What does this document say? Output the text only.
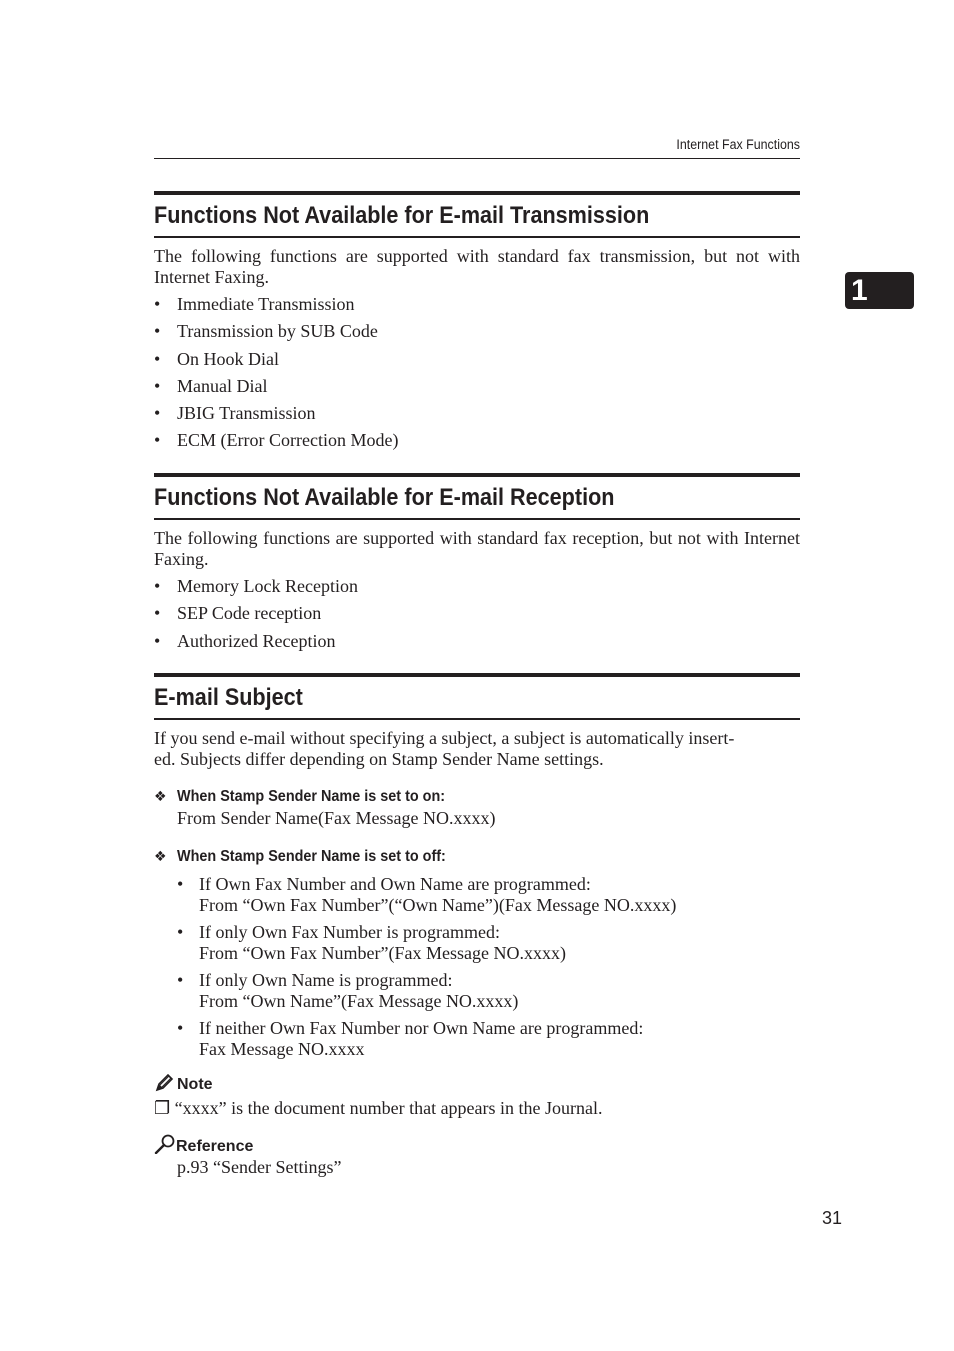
Internet Fax Functions
1
Functions Not Available for E-mail Transmission
The following functions are supported with standard fax transmission, but not with Internet Faxing.
• Immediate Transmission
• Transmission by SUB Code
• On Hook Dial
• Manual Dial
• JBIG Transmission
• ECM (Error Correction Mode)
Functions Not Available for E-mail Reception
The following functions are supported with standard fax reception, but not with Internet Faxing.
• Memory Lock Reception
• SEP Code reception
• Authorized Reception
E-mail Subject
If you send e-mail without specifying a subject, a subject is automatically insert-
ed. Subjects differ depending on Stamp Sender Name settings.
❖ When Stamp Sender Name is set to on:
From Sender Name(Fax Message NO.xxxx)
❖ When Stamp Sender Name is set to off:
• If Own Fax Number and Own Name are programmed:
From “Own Fax Number”(“Own Name”)(Fax Message NO.xxxx)
• If only Own Fax Number is programmed:
From “Own Fax Number”(Fax Message NO.xxxx)
• If only Own Name is programmed:
From “Own Name”(Fax Message NO.xxxx)
• If neither Own Fax Number nor Own Name are programmed:
Fax Message NO.xxxx
Note
❐ “xxxx” is the document number that appears in the Journal.
Reference
p.93 “Sender Settings”
31
